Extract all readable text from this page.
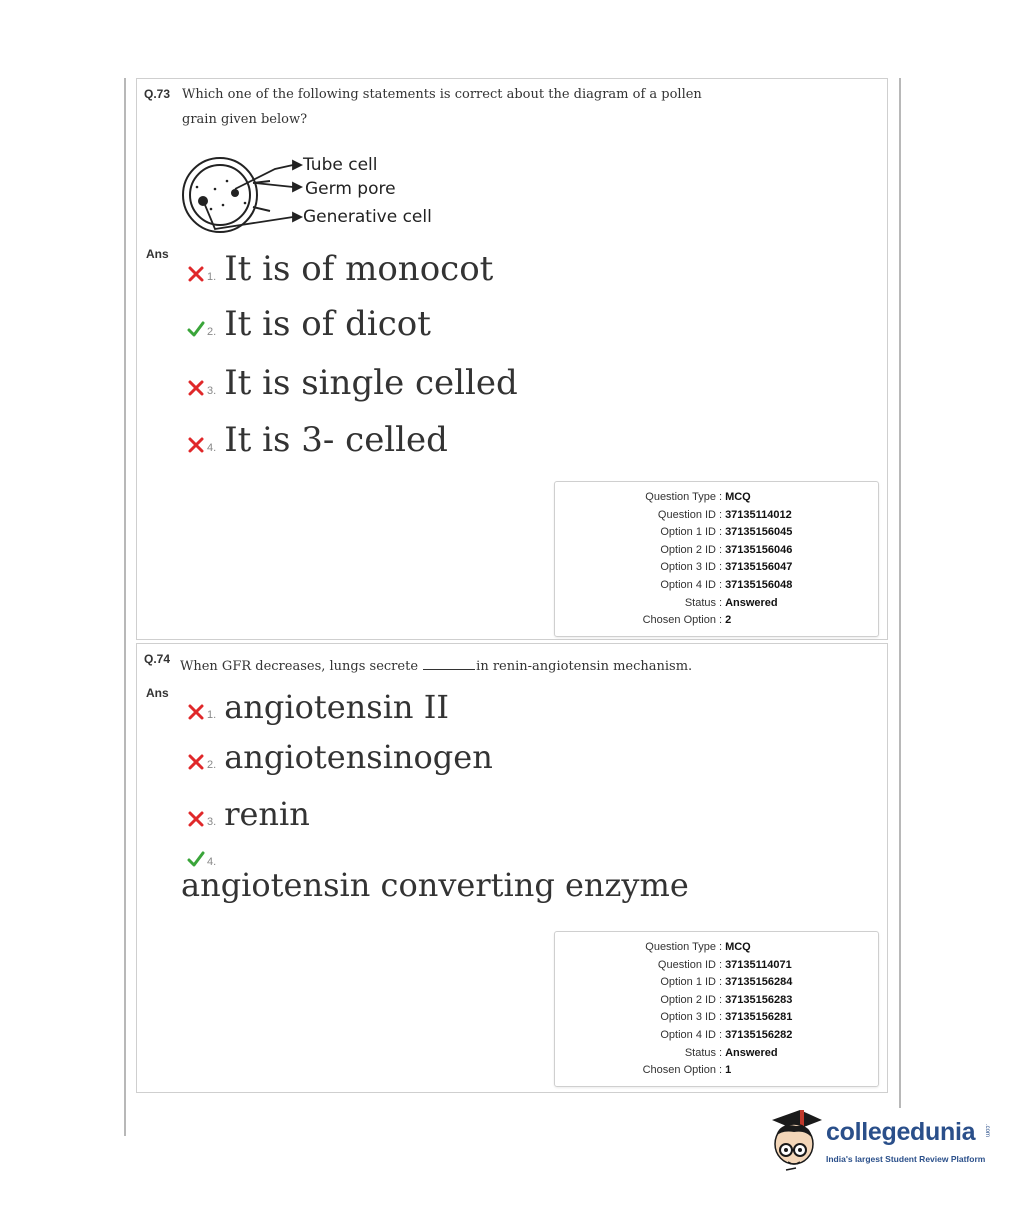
Q.73 Which one of the following statements is correct about the diagram of a pollen
grain given below?
Tube cell
Germ pore
Generative cell
Ans
1. It is of monocot
2. It is of dicot
3. It is single celled
4. It is 3- celled
Question Type : MCQ
Question ID : 37135114012
Option 1 ID : 37135156045
Option 2 ID : 37135156046
Option 3 ID : 37135156047
Option 4 ID : 37135156048
Status : Answered
Chosen Option : 2
Q.74 When GFR decreases, lungs secrete	in renin-angiotensin mechanism.
Ans
1. angiotensin II
2. angiotensinogen
3. renin
4.
angiotensin converting enzyme
Question Type : MCQ
Question ID : 37135114071
Option 1 ID : 37135156284
Option 2 ID : 37135156283
Option 3 ID : 37135156281
Option 4 ID : 37135156282
Status : Answered
Chosen Option : 1
collegedunia .com
India's largest Student Review Platform
